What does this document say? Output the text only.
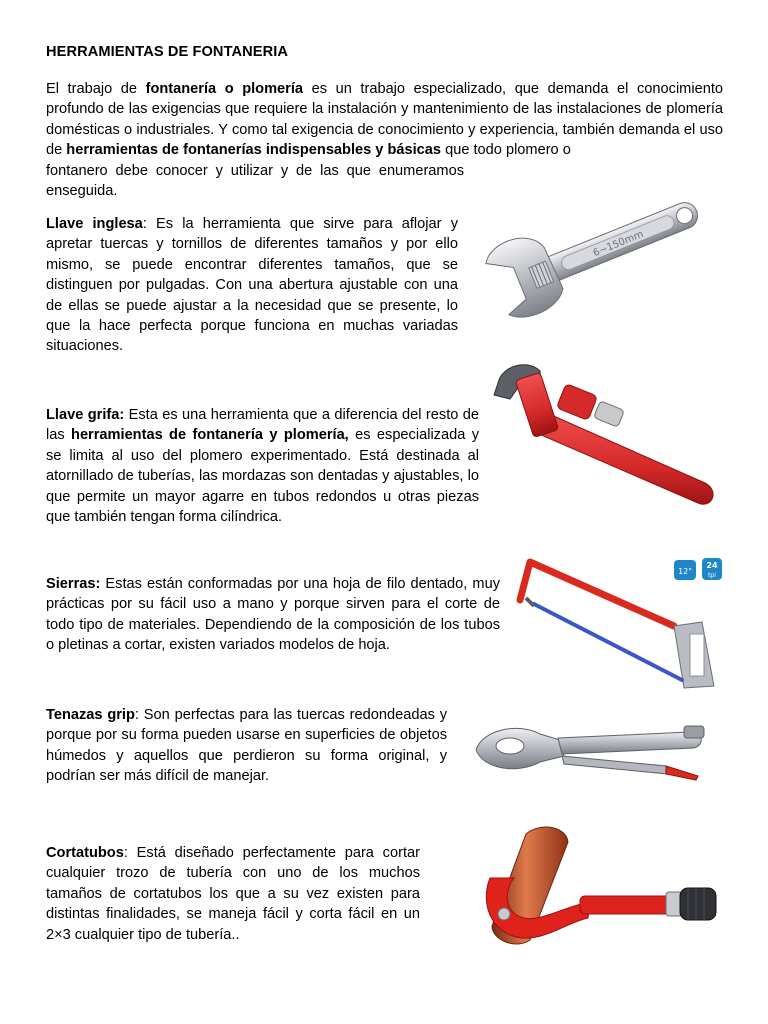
HERRAMIENTAS DE FONTANERIA
El trabajo de fontanería o plomería es un trabajo especializado, que demanda el conocimiento profundo de las exigencias que requiere la instalación y mantenimiento de las instalaciones de plomería domésticas o industriales. Y como tal exigencia de conocimiento y experiencia, también demanda el uso de herramientas de fontanerías indispensables y básicas que todo plomero o
fontanero debe conocer y utilizar y de las que enumeramos enseguida.
Llave inglesa: Es la herramienta que sirve para aflojar y apretar tuercas y tornillos de diferentes tamaños y por ello mismo, se puede encontrar diferentes tamaños, que se distinguen por pulgadas. Con una abertura ajustable con una de ellas se puede ajustar a la necesidad que se presente, lo que la hace perfecta porque funciona en muchas variadas situaciones.
6~150mm
Llave grifa: Esta es una herramienta que a diferencia del resto de las herramientas de fontanería y plomería, es especializada y se limita al uso del plomero experimentado. Está destinada al atornillado de tuberías, las mordazas son dentadas y ajustables, lo que permite un mayor agarre en tubos redondos u otras piezas que también tengan forma cilíndrica.
Sierras: Estas están conformadas por una hoja de filo dentado, muy prácticas por su fácil uso a mano y porque sirven para el corte de todo tipo de materiales. Dependiendo de la composición de los tubos o pletinas a cortar, existen variados modelos de hoja.
12"
24
tpi
Tenazas grip: Son perfectas para las tuercas redondeadas y porque por su forma pueden usarse en superficies de objetos húmedos y aquellos que perdieron su forma original, y podrían ser más difícil de manejar.
Cortatubos: Está diseñado perfectamente para cortar cualquier trozo de tubería con uno de los muchos tamaños de cortatubos los que a su vez existen para distintas finalidades, se maneja fácil y corta fácil en un 2×3 cualquier tipo de tubería..
